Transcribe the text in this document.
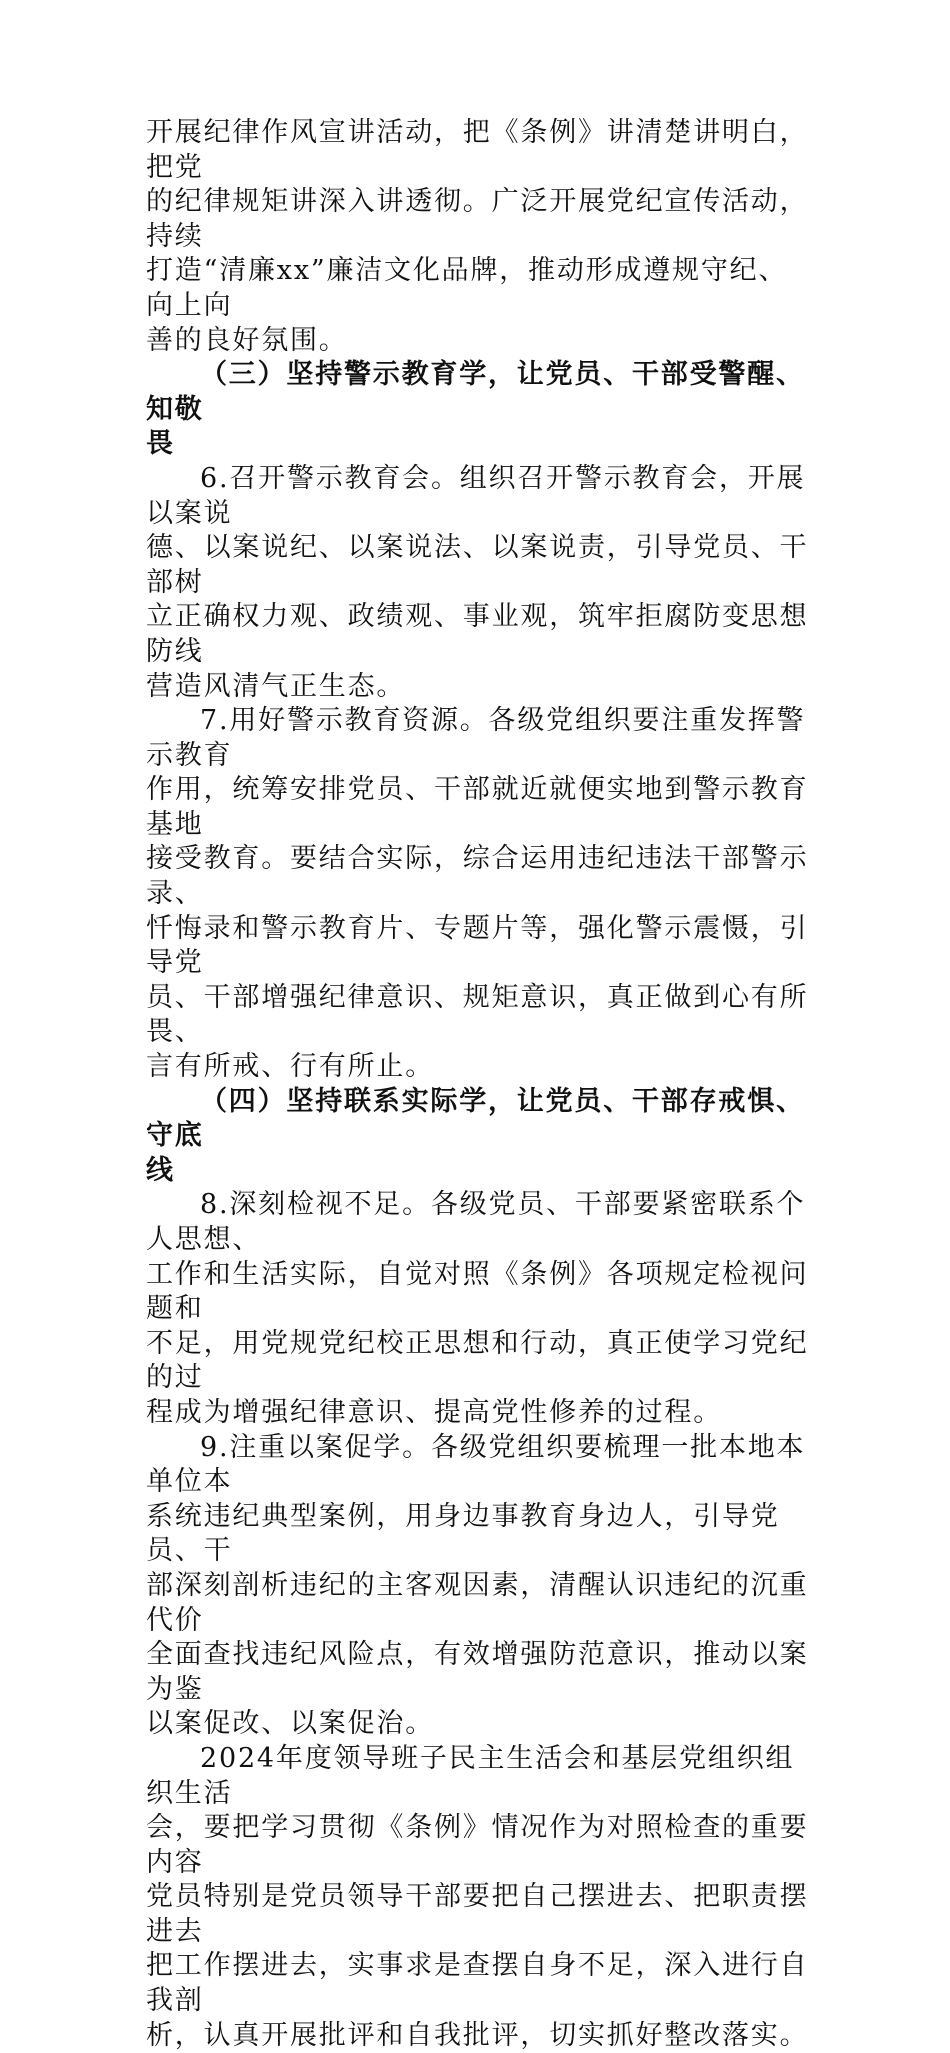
开展纪律作风宣讲活动，把《条例》讲清楚讲明白，把党
的纪律规矩讲深入讲透彻。广泛开展党纪宣传活动，持续
打造“清廉xx”廉洁文化品牌，推动形成遵规守纪、向上向
善的良好氛围。

（三）坚持警示教育学，让党员、干部受警醒、知敬
畏

6.召开警示教育会。组织召开警示教育会，开展以案说
德、以案说纪、以案说法、以案说责，引导党员、干部树
立正确权力观、政绩观、事业观，筑牢拒腐防变思想防线
营造风清气正生态。

7.用好警示教育资源。各级党组织要注重发挥警示教育
作用，统筹安排党员、干部就近就便实地到警示教育基地
接受教育。要结合实际，综合运用违纪违法干部警示录、
忏悔录和警示教育片、专题片等，强化警示震慑，引导党
员、干部增强纪律意识、规矩意识，真正做到心有所畏、
言有所戒、行有所止。

（四）坚持联系实际学，让党员、干部存戒惧、守底
线

8.深刻检视不足。各级党员、干部要紧密联系个人思想、
工作和生活实际，自觉对照《条例》各项规定检视问题和
不足，用党规党纪校正思想和行动，真正使学习党纪的过
程成为增强纪律意识、提高党性修养的过程。

9.注重以案促学。各级党组织要梳理一批本地本单位本
系统违纪典型案例，用身边事教育身边人，引导党员、干
部深刻剖析违纪的主客观因素，清醒认识违纪的沉重代价
全面查找违纪风险点，有效增强防范意识，推动以案为鉴
以案促改、以案促治。

2024年度领导班子民主生活会和基层党组织组织生活
会，要把学习贯彻《条例》情况作为对照检查的重要内容
党员特别是党员领导干部要把自己摆进去、把职责摆进去
把工作摆进去，实事求是查摆自身不足，深入进行自我剖
析，认真开展批评和自我批评，切实抓好整改落实。
